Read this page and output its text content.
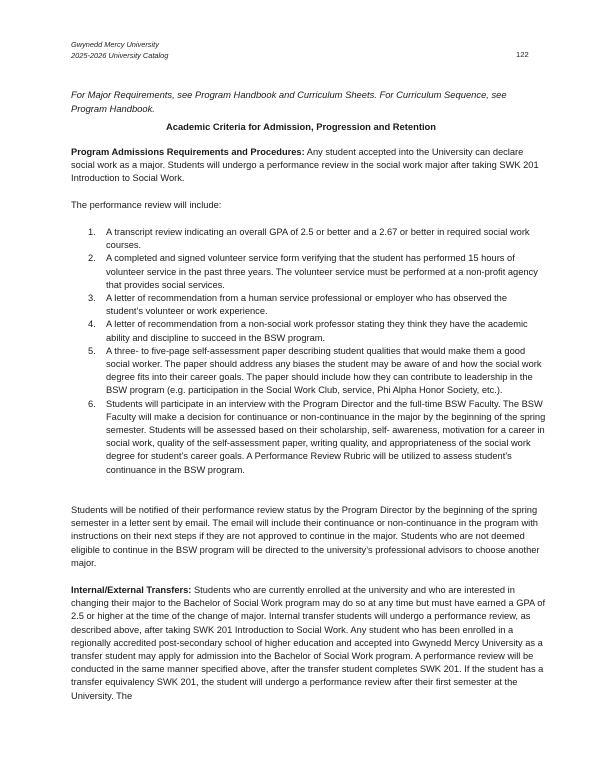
Gwynedd Mercy University
2025-2026 University Catalog	122
For Major Requirements, see Program Handbook and Curriculum Sheets. For Curriculum Sequence, see Program Handbook.
Academic Criteria for Admission, Progression and Retention
Program Admissions Requirements and Procedures: Any student accepted into the University can declare social work as a major. Students will undergo a performance review in the social work major after taking SWK 201 Introduction to Social Work.
The performance review will include:
1. A transcript review indicating an overall GPA of 2.5 or better and a 2.67 or better in required social work courses.
2. A completed and signed volunteer service form verifying that the student has performed 15 hours of volunteer service in the past three years. The volunteer service must be performed at a non-profit agency that provides social services.
3. A letter of recommendation from a human service professional or employer who has observed the student’s volunteer or work experience.
4. A letter of recommendation from a non-social work professor stating they think they have the academic ability and discipline to succeed in the BSW program.
5. A three- to five-page self-assessment paper describing student qualities that would make them a good social worker. The paper should address any biases the student may be aware of and how the social work degree fits into their career goals. The paper should include how they can contribute to leadership in the BSW program (e.g. participation in the Social Work Club, service, Phi Alpha Honor Society, etc.).
6. Students will participate in an interview with the Program Director and the full-time BSW Faculty. The BSW Faculty will make a decision for continuance or non-continuance in the major by the beginning of the spring semester. Students will be assessed based on their scholarship, self- awareness, motivation for a career in social work, quality of the self-assessment paper, writing quality, and appropriateness of the social work degree for student’s career goals. A Performance Review Rubric will be utilized to assess student’s continuance in the BSW program.
Students will be notified of their performance review status by the Program Director by the beginning of the spring semester in a letter sent by email. The email will include their continuance or non-continuance in the program with instructions on their next steps if they are not approved to continue in the major. Students who are not deemed eligible to continue in the BSW program will be directed to the university’s professional advisors to choose another major.
Internal/External Transfers: Students who are currently enrolled at the university and who are interested in changing their major to the Bachelor of Social Work program may do so at any time but must have earned a GPA of 2.5 or higher at the time of the change of major. Internal transfer students will undergo a performance review, as described above, after taking SWK 201 Introduction to Social Work. Any student who has been enrolled in a regionally accredited post-secondary school of higher education and accepted into Gwynedd Mercy University as a transfer student may apply for admission into the Bachelor of Social Work program. A performance review will be conducted in the same manner specified above, after the transfer student completes SWK 201. If the student has a transfer equivalency SWK 201, the student will undergo a performance review after their first semester at the University. The
